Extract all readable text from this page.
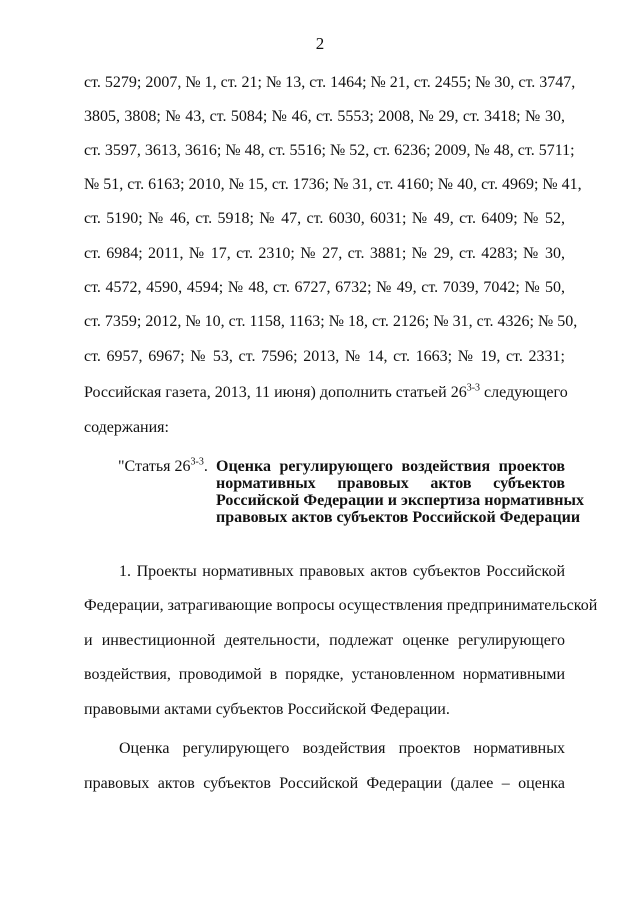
2
ст. 5279; 2007, № 1, ст. 21; № 13, ст. 1464; № 21, ст. 2455; № 30, ст. 3747,
3805, 3808; № 43, ст. 5084; № 46, ст. 5553; 2008, № 29, ст. 3418; № 30,
ст. 3597, 3613, 3616; № 48, ст. 5516; № 52, ст. 6236; 2009, № 48, ст. 5711;
№ 51, ст. 6163; 2010, № 15, ст. 1736; № 31, ст. 4160; № 40, ст. 4969; № 41,
ст. 5190; № 46, ст. 5918; № 47, ст. 6030, 6031; № 49, ст. 6409; № 52,
ст. 6984; 2011, № 17, ст. 2310; № 27, ст. 3881; № 29, ст. 4283; № 30,
ст. 4572, 4590, 4594; № 48, ст. 6727, 6732; № 49, ст. 7039, 7042; № 50,
ст. 7359; 2012, № 10, ст. 1158, 1163; № 18, ст. 2126; № 31, ст. 4326; № 50,
ст. 6957, 6967; № 53, ст. 7596; 2013, № 14, ст. 1663; № 19, ст. 2331;
Российская газета, 2013, 11 июня) дополнить статьей 26$^{3-3}$ следующего
содержания:
"Статья 26$^{3-3}$. Оценка регулирующего воздействия проектов
нормативных правовых актов субъектов
Российской Федерации и экспертиза нормативных
правовых актов субъектов Российской Федерации
1. Проекты нормативных правовых актов субъектов Российской
Федерации, затрагивающие вопросы осуществления предпринимательской
и инвестиционной деятельности, подлежат оценке регулирующего
воздействия, проводимой в порядке, установленном нормативными
правовыми актами субъектов Российской Федерации.
Оценка регулирующего воздействия проектов нормативных
правовых актов субъектов Российской Федерации (далее – оценка
